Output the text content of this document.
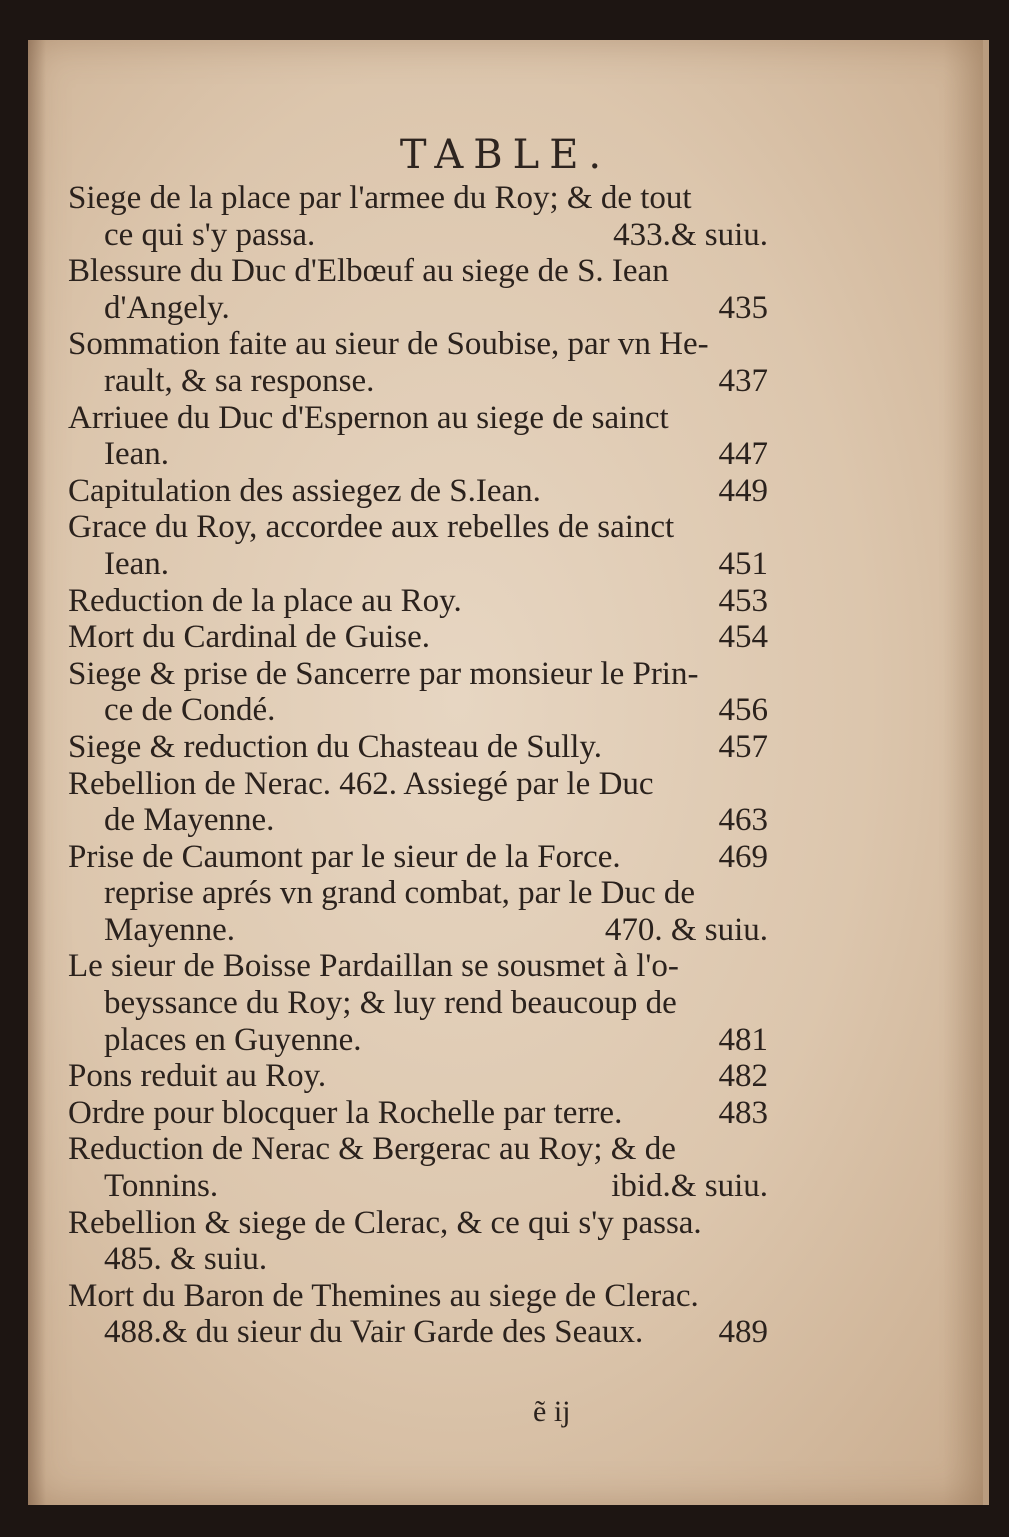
TABLE.
Siege de la place par l'armee du Roy; & de tout
ce qui s'y passa.	433.& suiu.
Blessure du Duc d'Elbœuf au siege de S. Iean
d'Angely.	435
Sommation faite au sieur de Soubise, par vn He-
rault, & sa response.	437
Arriuee du Duc d'Espernon au siege de sainct
Iean.	447
Capitulation des assiegez de S.Iean.	449
Grace du Roy, accordee aux rebelles de sainct
Iean.	451
Reduction de la place au Roy.	453
Mort du Cardinal de Guise.	454
Siege & prise de Sancerre par monsieur le Prin-
ce de Condé.	456
Siege & reduction du Chasteau de Sully.	457
Rebellion de Nerac. 462. Assiegé par le Duc
de Mayenne.	463
Prise de Caumont par le sieur de la Force.	469
reprise aprés vn grand combat, par le Duc de
Mayenne.	470. & suiu.
Le sieur de Boisse Pardaillan se sousmet à l'o-
beyssance du Roy; & luy rend beaucoup de
places en Guyenne.	481
Pons reduit au Roy.	482
Ordre pour blocquer la Rochelle par terre.	483
Reduction de Nerac & Bergerac au Roy; & de
Tonnins.	ibid.& suiu.
Rebellion & siege de Clerac, & ce qui s'y passa.
485. & suiu.
Mort du Baron de Themines au siege de Clerac.
488.& du sieur du Vair Garde des Seaux. 489
ẽ ij
